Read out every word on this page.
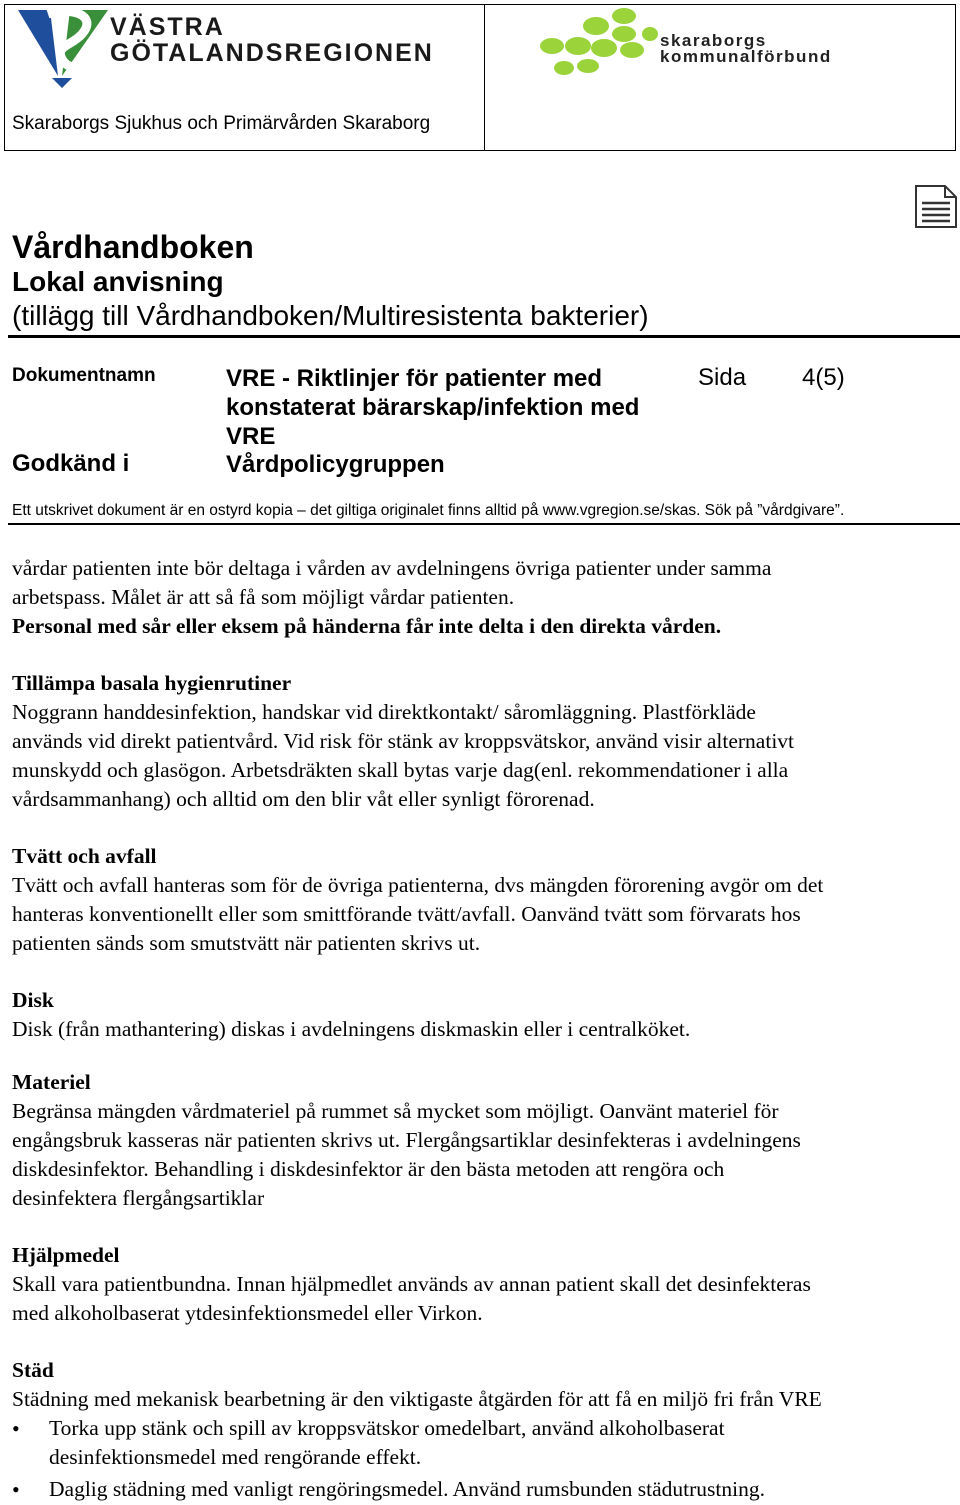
VÄSTRA
GÖTALANDSREGIONEN
Skaraborgs Sjukhus och Primärvården Skaraborg
skaraborgs
kommunalförbund
Vårdhandboken
Lokal anvisning
(tillägg till Vårdhandboken/Multiresistenta bakterier)
Dokumentnamn	VRE - Riktlinjer för patienter med
konstaterat bärarskap/infektion med
VRE
Godkänd i	Vårdpolicygruppen
Sida 4(5)
Ett utskrivet dokument är en ostyrd kopia – det giltiga originalet finns alltid på www.vgregion.se/skas. Sök på ”vårdgivare”.

vårdar patienten inte bör deltaga i vården av avdelningens övriga patienter under samma

arbetspass. Målet är att så få som möjligt vårdar patienten.

Personal med sår eller eksem på händerna får inte delta i den direkta vården.

Tillämpa basala hygienrutiner

Noggrann handdesinfektion, handskar vid direktkontakt/ såromläggning. Plastförkläde

används vid direkt patientvård. Vid risk för stänk av kroppsvätskor, använd visir alternativt

munskydd och glasögon. Arbetsdräkten skall bytas varje dag(enl. rekommendationer i alla

vårdsammanhang) och alltid om den blir våt eller synligt förorenad.

Tvätt och avfall

Tvätt och avfall hanteras som för de övriga patienterna, dvs mängden förorening avgör om det

hanteras konventionellt eller som smittförande tvätt/avfall. Oanvänd tvätt som förvarats hos

patienten sänds som smutstvätt när patienten skrivs ut.

Disk

Disk (från mathantering) diskas i avdelningens diskmaskin eller i centralköket.

Materiel

Begränsa mängden vårdmateriel på rummet så mycket som möjligt. Oanvänt materiel för

engångsbruk kasseras när patienten skrivs ut. Flergångsartiklar desinfekteras i avdelningens

diskdesinfektor. Behandling i diskdesinfektor är den bästa metoden att rengöra och

desinfektera flergångsartiklar

Hjälpmedel

Skall vara patientbundna. Innan hjälpmedlet används av annan patient skall det desinfekteras

med alkoholbaserat ytdesinfektionsmedel eller Virkon.

Städ

Städning med mekanisk bearbetning är den viktigaste åtgärden för att få en miljö fri från VRE

• Torka upp stänk och spill av kroppsvätskor omedelbart, använd alkoholbaserat
desinfektionsmedel med rengörande effekt.
• Daglig städning med vanligt rengöringsmedel. Använd rumsbunden städutrustning.
